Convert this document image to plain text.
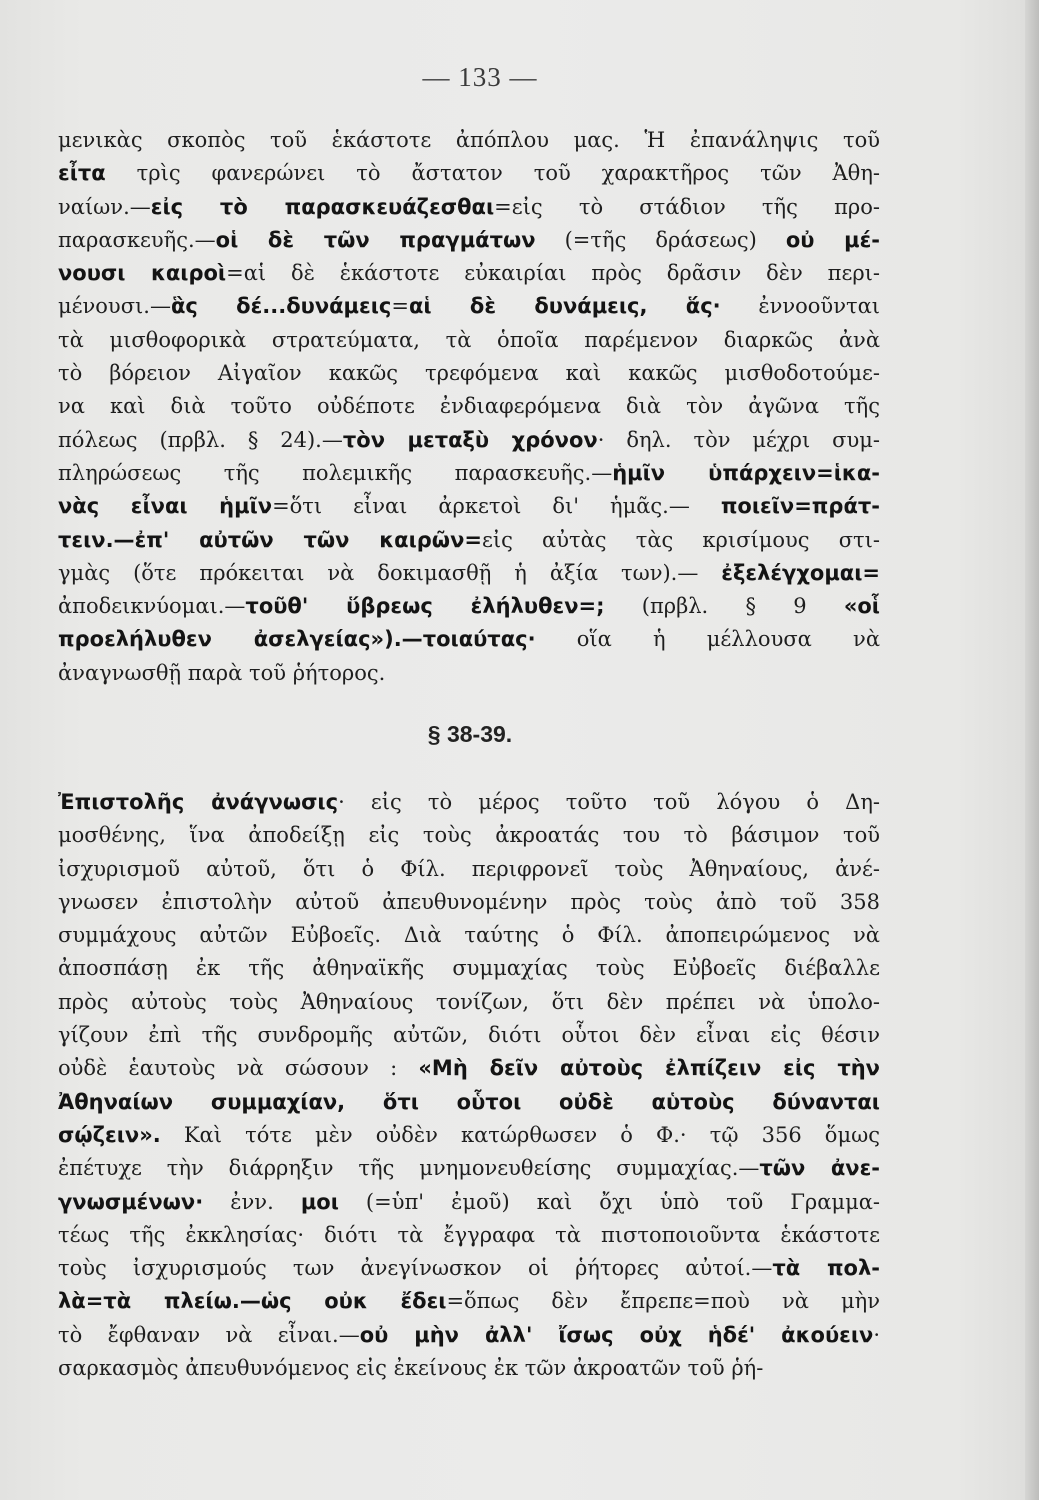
— 133 —
μενικὰς σκοπὸς τοῦ ἑκάστοτε ἀπόπλου μας. Ἡ ἐπανάληψις τοῦ
εἶτα τρὶς φανερώνει τὸ ἄστατον τοῦ χαρακτῆρος τῶν Ἀθη-
ναίων.—εἰς τὸ παρασκευάζεσθαι=εἰς τὸ στάδιον τῆς προ-
παρασκευῆς.—οἱ δὲ τῶν πραγμάτων (=τῆς δράσεως) οὐ μέ-
νουσι καιροὶ=αἱ δὲ ἑκάστοτε εὐκαιρίαι πρὸς δρᾶσιν δὲν περι-
μένουσι.—ἃς δέ...δυνάμεις=αἱ δὲ δυνάμεις, ἅς· ἐννοοῦνται
τὰ μισθοφορικὰ στρατεύματα, τὰ ὁποῖα παρέμενον διαρκῶς ἀνὰ
τὸ βόρειον Αἰγαῖον κακῶς τρεφόμενα καὶ κακῶς μισθοδοτούμε-
να καὶ διὰ τοῦτο οὐδέποτε ἐνδιαφερόμενα διὰ τὸν ἀγῶνα τῆς
πόλεως (πρβλ. § 24).—τὸν μεταξὺ χρόνον· δηλ. τὸν μέχρι συμ-
πληρώσεως τῆς πολεμικῆς παρασκευῆς.—ἡμῖν ὑπάρχειν=ἱκα-
νὰς εἶναι ἡμῖν=ὅτι εἶναι ἀρκετοὶ δι' ἡμᾶς.— ποιεῖν=πράτ-
τειν.—ἐπ' αὐτῶν τῶν καιρῶν=εἰς αὐτὰς τὰς κρισίμους στι-
γμὰς (ὅτε πρόκειται νὰ δοκιμασθῇ ἡ ἀξία των).— ἐξελέγχομαι=
ἀποδεικνύομαι.—τοῦθ' ὕβρεως ἐλήλυθεν=; (πρβλ. § 9 «οἷ
προελήλυθεν ἀσελγείας»).—τοιαύτας· οἵα ἡ μέλλουσα νὰ
ἀναγνωσθῇ παρὰ τοῦ ῥήτορος.
§ 38-39.
Ἐπιστολῆς ἀνάγνωσις· εἰς τὸ μέρος τοῦτο τοῦ λόγου ὁ Δη-
μοσθένης, ἵνα ἀποδείξῃ εἰς τοὺς ἀκροατάς του τὸ βάσιμον τοῦ
ἰσχυρισμοῦ αὐτοῦ, ὅτι ὁ Φίλ. περιφρονεῖ τοὺς Ἀθηναίους, ἀνέ-
γνωσεν ἐπιστολὴν αὐτοῦ ἀπευθυνομένην πρὸς τοὺς ἀπὸ τοῦ 358
συμμάχους αὐτῶν Εὐβοεῖς. Διὰ ταύτης ὁ Φίλ. ἀποπειρώμενος νὰ
ἀποσπάσῃ ἐκ τῆς ἀθηναϊκῆς συμμαχίας τοὺς Εὐβοεῖς διέβαλλε
πρὸς αὐτοὺς τοὺς Ἀθηναίους τονίζων, ὅτι δὲν πρέπει νὰ ὑπολο-
γίζουν ἐπὶ τῆς συνδρομῆς αὐτῶν, διότι οὗτοι δὲν εἶναι εἰς θέσιν
οὐδὲ ἑαυτοὺς νὰ σώσουν : «Μὴ δεῖν αὐτοὺς ἐλπίζειν εἰς τὴν
Ἀθηναίων συμμαχίαν, ὅτι οὗτοι οὐδὲ αὑτοὺς δύνανται
σῴζειν». Καὶ τότε μὲν οὐδὲν κατώρθωσεν ὁ Φ.· τῷ 356 ὅμως
ἐπέτυχε τὴν διάρρηξιν τῆς μνημονευθείσης συμμαχίας.—τῶν ἀνε-
γνωσμένων· ἐνν. μοι (=ὑπ' ἐμοῦ) καὶ ὄχι ὑπὸ τοῦ Γραμμα-
τέως τῆς ἐκκλησίας· διότι τὰ ἔγγραφα τὰ πιστοποιοῦντα ἑκάστοτε
τοὺς ἰσχυρισμούς των ἀνεγίνωσκον οἱ ῥήτορες αὐτοί.—τὰ πολ-
λὰ=τὰ πλείω.—ὡς οὐκ ἔδει=ὅπως δὲν ἔπρεπε=ποὺ νὰ μὴν
τὸ ἔφθαναν νὰ εἶναι.—οὐ μὴν ἀλλ' ἴσως οὐχ ἡδέ' ἀκούειν·
σαρκασμὸς ἀπευθυνόμενος εἰς ἐκείνους ἐκ τῶν ἀκροατῶν τοῦ ῥή-
